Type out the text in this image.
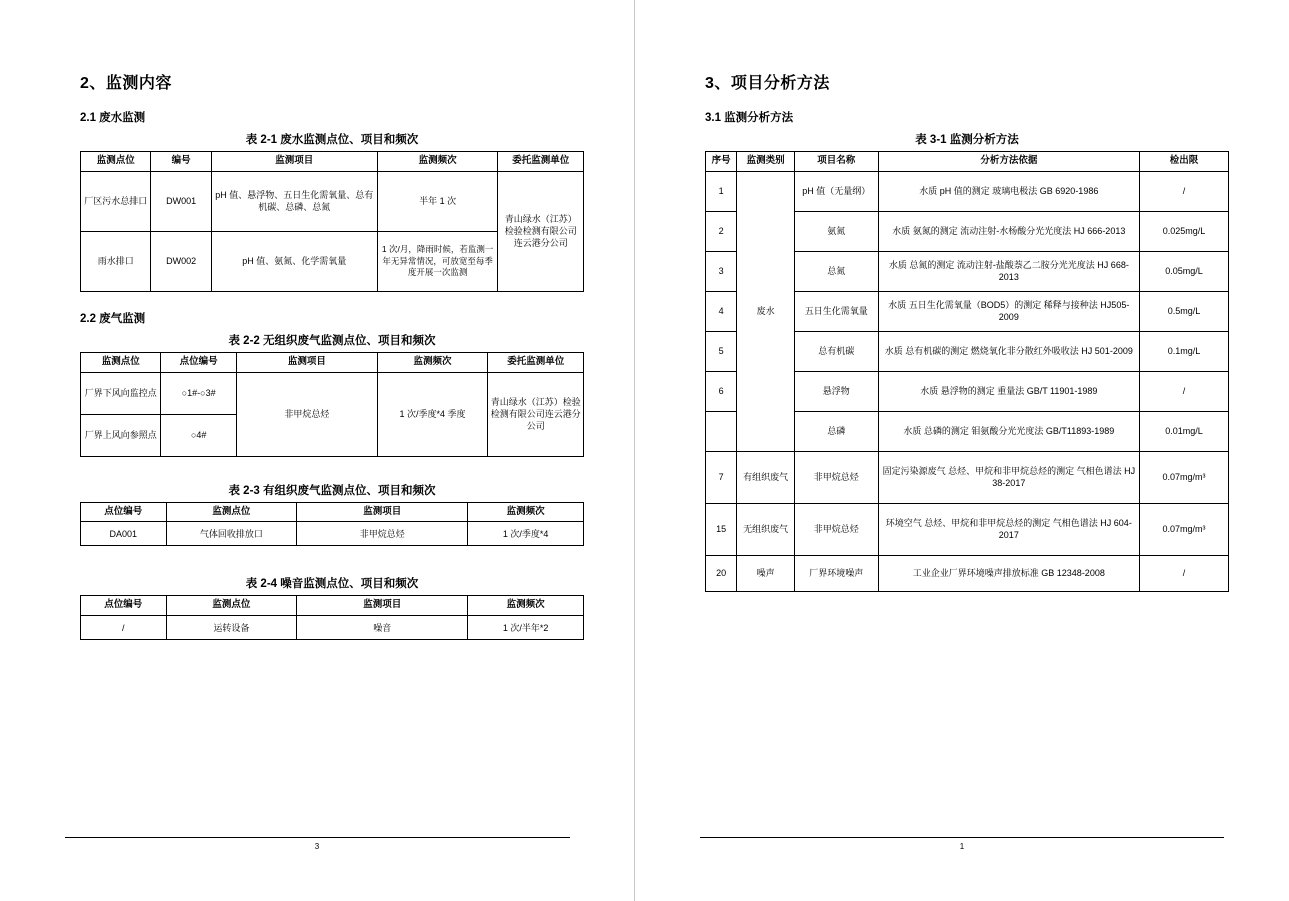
2、监测内容
2.1 废水监测
表 2-1 废水监测点位、项目和频次
监测点位	编号	监测项目	监测频次	委托监测单位
厂区污水总排口	DW001	pH 值、悬浮物、五日生化需氧量、总有机碳、总磷、总氮	半年 1 次	青山绿水（江苏）检验检测有限公司连云港分公司
雨水排口	DW002	pH 值、氨氮、化学需氧量	1 次/月，降雨时候，若监测一年无异常情况，可放宽至每季度开展一次监测	
2.2 废气监测
表 2-2 无组织废气监测点位、项目和频次
监测点位	点位编号	监测项目	监测频次	委托监测单位
厂界下风向监控点	○1#-○3#	非甲烷总烃	1 次/季度*4 季度	青山绿水（江苏）检验检测有限公司连云港分公司
厂界上风向参照点	○4#			
表 2-3 有组织废气监测点位、项目和频次
点位编号	监测点位	监测项目	监测频次
DA001	气体回收排放口	非甲烷总烃	1 次/季度*4
表 2-4 噪音监测点位、项目和频次
点位编号	监测点位	监测项目	监测频次
/	运转设备	噪音	1 次/半年*2
3
3、项目分析方法
3.1 监测分析方法
表 3-1 监测分析方法
序号	监测类别	项目名称	分析方法依据	检出限
1	废水	pH 值（无量纲）	水质 pH 值的测定 玻璃电极法 GB 6920-1986	/
2		氨氮	水质 氨氮的测定 流动注射-水杨酸分光光度法 HJ 666-2013	0.025mg/L
3		总氮	水质 总氮的测定 流动注射-盐酸萘乙二胺分光光度法 HJ 668-2013	0.05mg/L
4		五日生化需氧量	水质 五日生化需氧量（BOD5）的测定 稀释与接种法 HJ505-2009	0.5mg/L
5		总有机碳	水质 总有机碳的测定 燃烧氧化非分散红外吸收法 HJ 501-2009	0.1mg/L
6		悬浮物	水质 悬浮物的测定 重量法 GB/T 11901-1989	/
		总磷	水质 总磷的测定 钼氨酸分光光度法 GB/T11893-1989	0.01mg/L
7	有组织废气	非甲烷总烃	固定污染源废气 总烃、甲烷和非甲烷总烃的测定 气相色谱法 HJ 38-2017	0.07mg/m³
15	无组织废气	非甲烷总烃	环境空气 总烃、甲烷和非甲烷总烃的测定 气相色谱法 HJ 604-2017	0.07mg/m³
20	噪声	厂界环境噪声	工业企业厂界环境噪声排放标准 GB 12348-2008	/
1
